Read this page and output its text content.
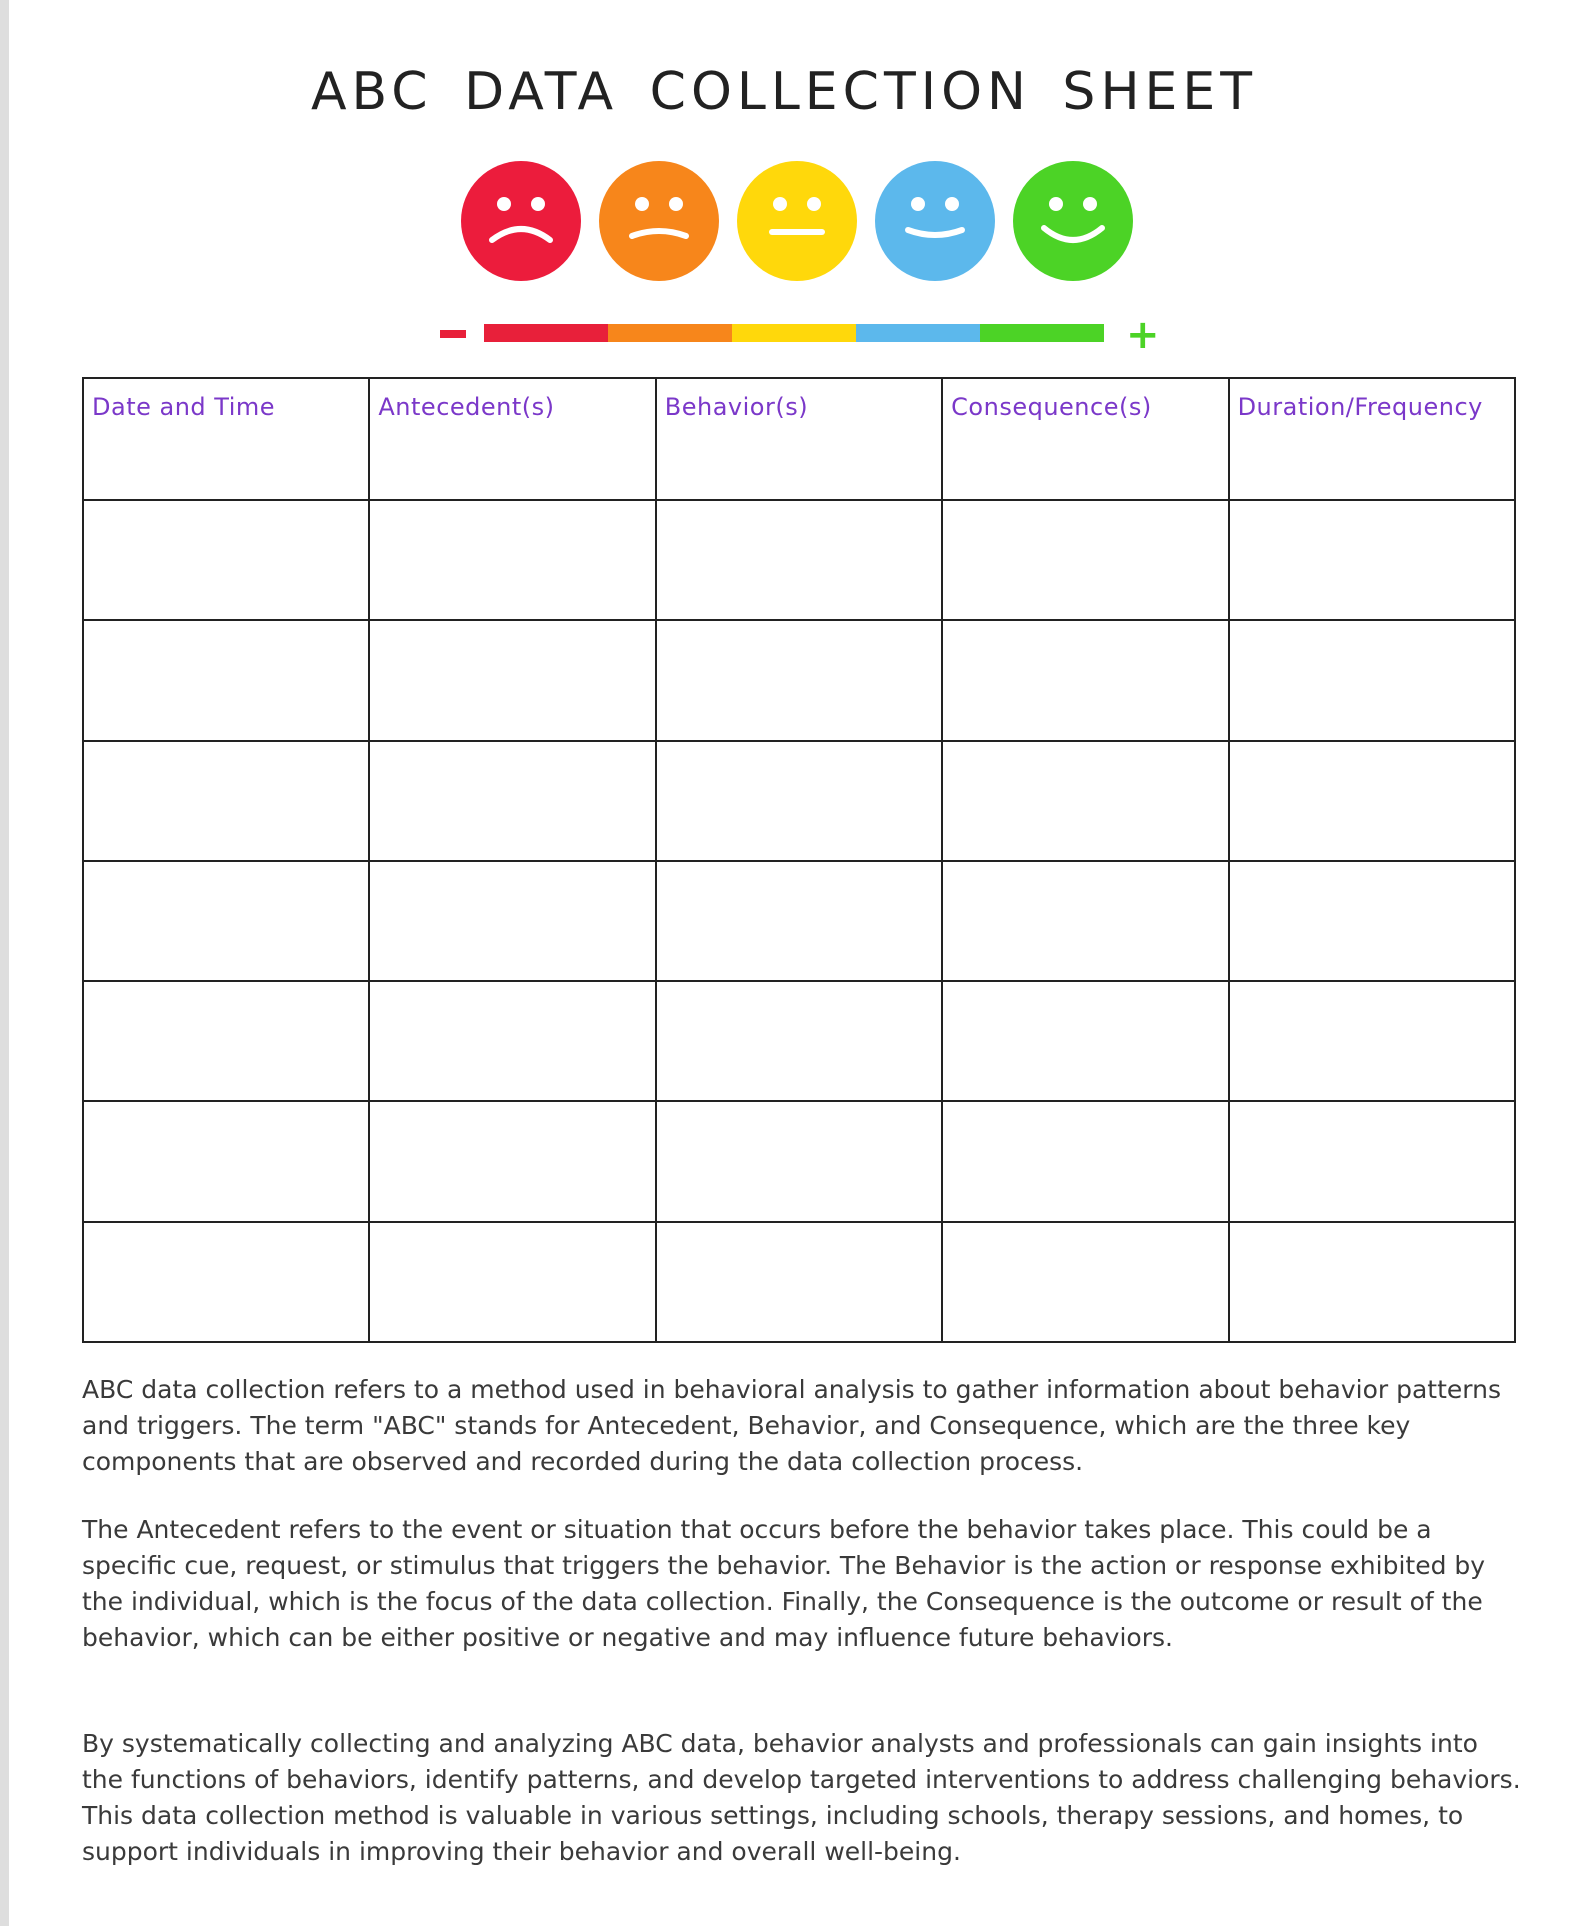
ABC DATA COLLECTION SHEET
+
Date and Time	Antecedent(s)	Behavior(s)	Consequence(s)	Duration/Frequency

ABC data collection refers to a method used in behavioral analysis to gather information about behavior patterns and triggers. The term "ABC" stands for Antecedent, Behavior, and Consequence, which are the three key components that are observed and recorded during the data collection process.

The Antecedent refers to the event or situation that occurs before the behavior takes place. This could be a specific cue, request, or stimulus that triggers the behavior. The Behavior is the action or response exhibited by the individual, which is the focus of the data collection. Finally, the Consequence is the outcome or result of the behavior, which can be either positive or negative and may influence future behaviors.

By systematically collecting and analyzing ABC data, behavior analysts and professionals can gain insights into the functions of behaviors, identify patterns, and develop targeted interventions to address challenging behaviors. This data collection method is valuable in various settings, including schools, therapy sessions, and homes, to support individuals in improving their behavior and overall well-being.
